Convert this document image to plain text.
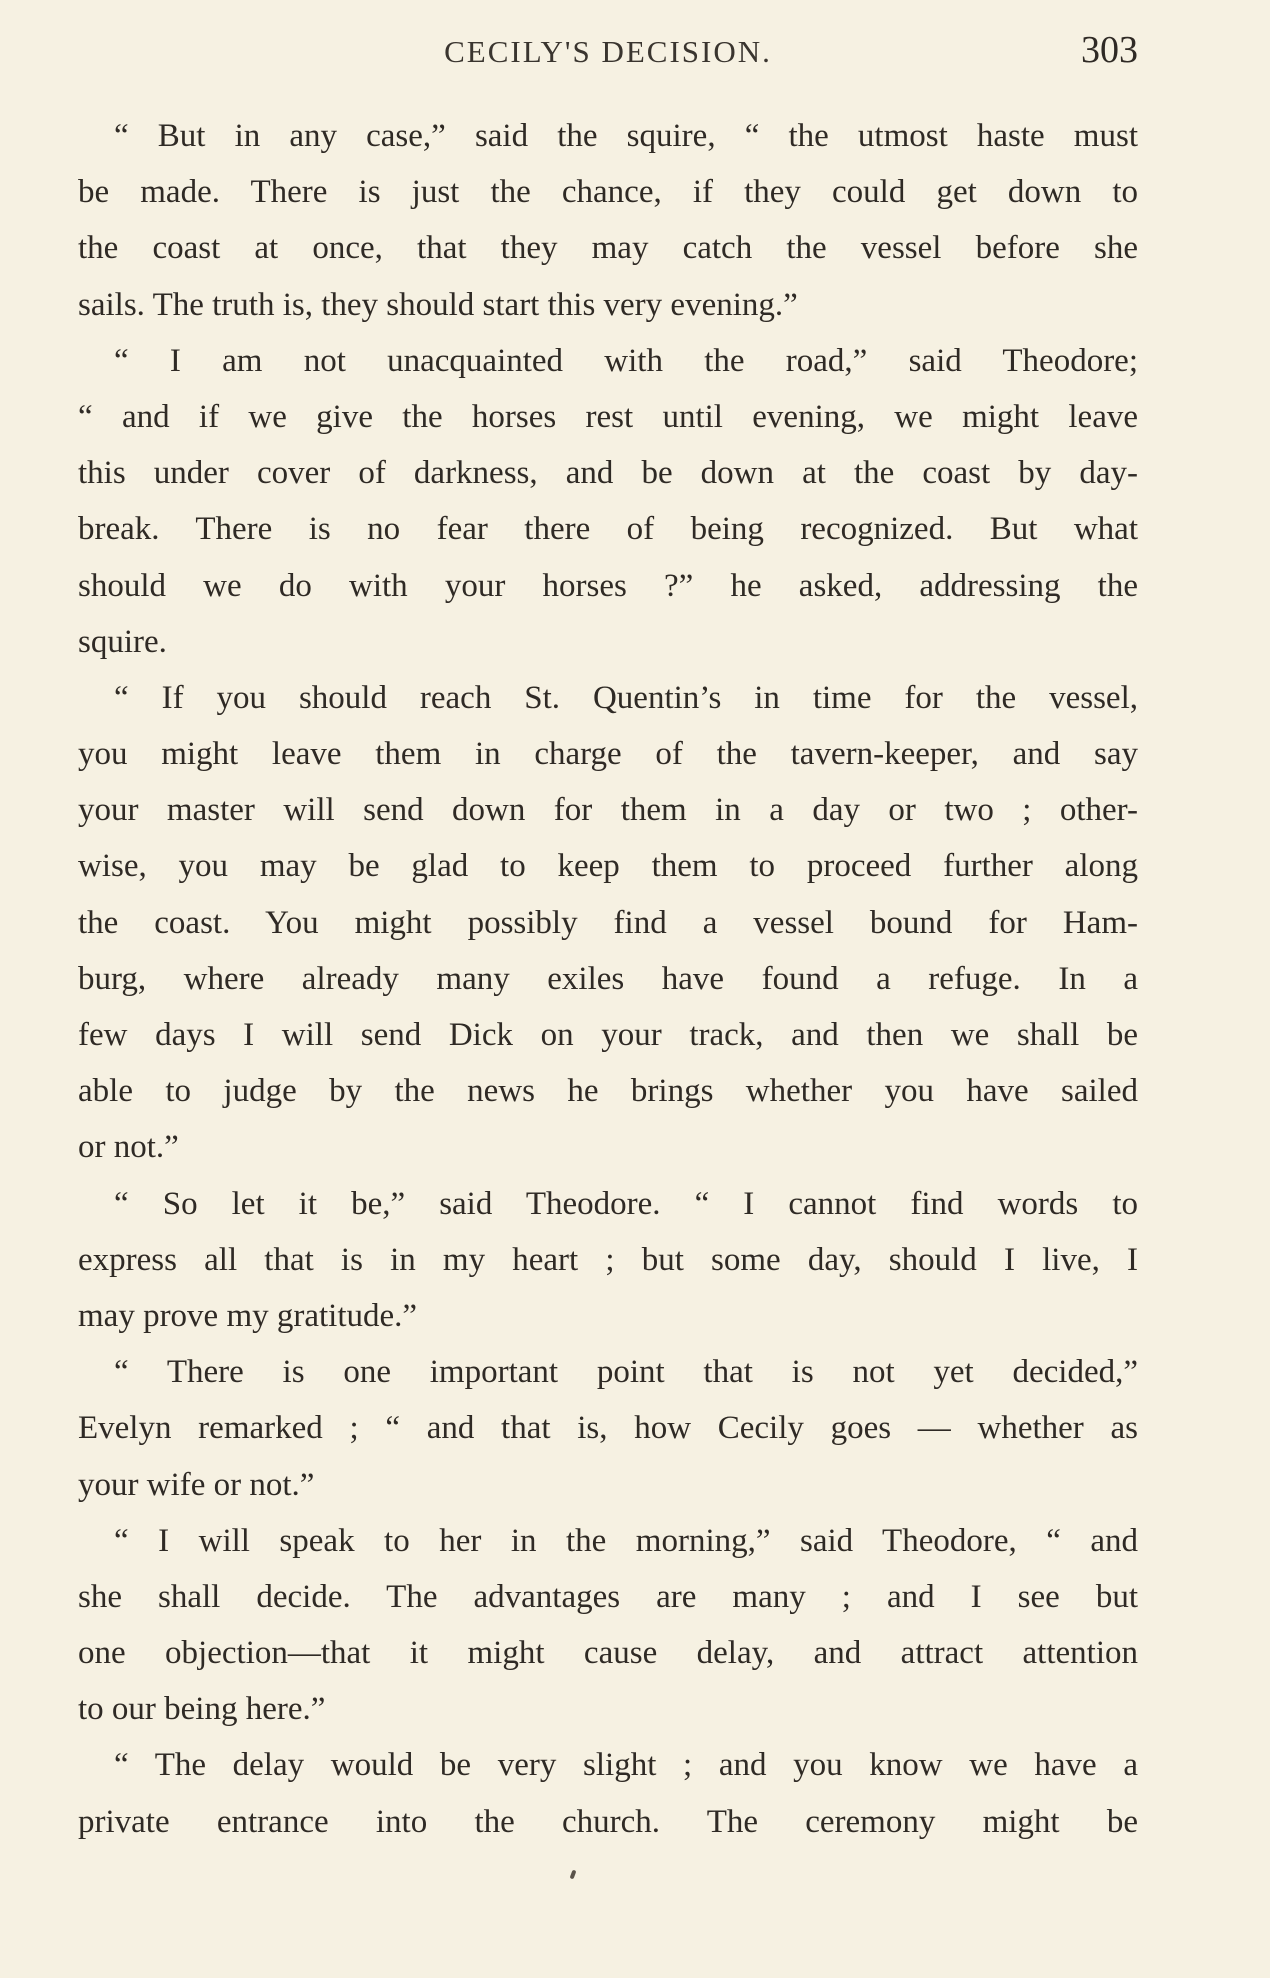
CECILY'S DECISION.	303
“ But in any case,” said the squire, “ the utmost haste must
be made. There is just the chance, if they could get down to
the coast at once, that they may catch the vessel before she
sails. The truth is, they should start this very evening.”
“ I am not unacquainted with the road,” said Theodore;
“ and if we give the horses rest until evening, we might leave
this under cover of darkness, and be down at the coast by day-
break. There is no fear there of being recognized. But what
should we do with your horses ?” he asked, addressing the
squire.
“ If you should reach St. Quentin’s in time for the vessel,
you might leave them in charge of the tavern-keeper, and say
your master will send down for them in a day or two ; other-
wise, you may be glad to keep them to proceed further along
the coast. You might possibly find a vessel bound for Ham-
burg, where already many exiles have found a refuge. In a
few days I will send Dick on your track, and then we shall be
able to judge by the news he brings whether you have sailed
or not.”
“ So let it be,” said Theodore. “ I cannot find words to
express all that is in my heart ; but some day, should I live, I
may prove my gratitude.”
“ There is one important point that is not yet decided,”
Evelyn remarked ; “ and that is, how Cecily goes — whether as
your wife or not.”
“ I will speak to her in the morning,” said Theodore, “ and
she shall decide. The advantages are many ; and I see but
one objection—that it might cause delay, and attract attention
to our being here.”
“ The delay would be very slight ; and you know we have a
private entrance into the church. The ceremony might be
